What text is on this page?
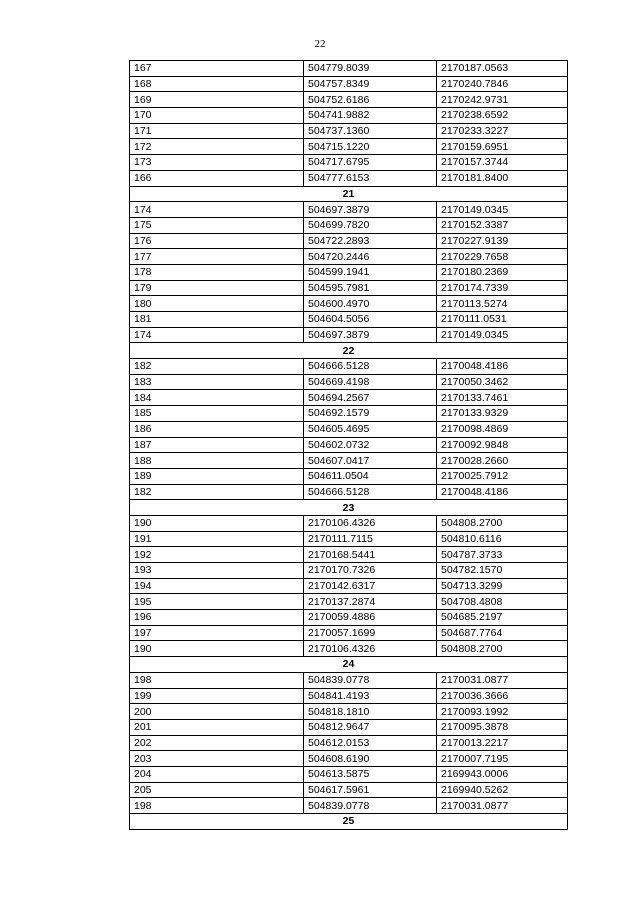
22
167	504779.8039	2170187.0563
168	504757.8349	2170240.7846
169	504752.6186	2170242.9731
170	504741.9882	2170238.6592
171	504737.1360	2170233.3227
172	504715.1220	2170159.6951
173	504717.6795	2170157.3744
166	504777.6153	2170181.8400
21		
174	504697.3879	2170149.0345
175	504699.7820	2170152.3387
176	504722.2893	2170227.9139
177	504720.2446	2170229.7658
178	504599.1941	2170180.2369
179	504595.7981	2170174.7339
180	504600.4970	2170113.5274
181	504604.5056	2170111.0531
174	504697.3879	2170149.0345
22		
182	504666.5128	2170048.4186
183	504669.4198	2170050.3462
184	504694.2567	2170133.7461
185	504692.1579	2170133.9329
186	504605.4695	2170098.4869
187	504602.0732	2170092.9848
188	504607.0417	2170028.2660
189	504611.0504	2170025.7912
182	504666.5128	2170048.4186
23		
190	2170106.4326	504808.2700
191	2170111.7115	504810.6116
192	2170168.5441	504787.3733
193	2170170.7326	504782.1570
194	2170142.6317	504713.3299
195	2170137.2874	504708.4808
196	2170059.4886	504685.2197
197	2170057.1699	504687.7764
190	2170106.4326	504808.2700
24		
198	504839.0778	2170031.0877
199	504841.4193	2170036.3666
200	504818.1810	2170093.1992
201	504812.9647	2170095.3878
202	504612.0153	2170013.2217
203	504608.6190	2170007.7195
204	504613.5875	2169943.0006
205	504617.5961	2169940.5262
198	504839.0778	2170031.0877
25		
